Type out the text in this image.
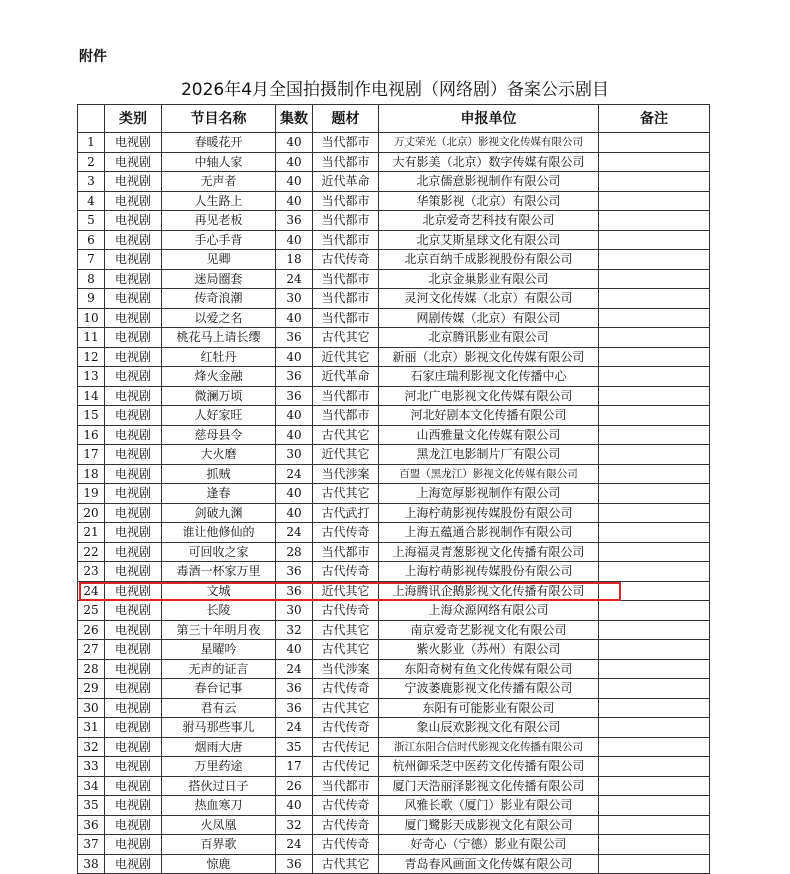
附件
2026年4月全国拍摄制作电视剧（网络剧）备案公示剧目
	类别	节目名称	集数	题材	申报单位	备注
1	电视剧	春暖花开	40	当代都市	万丈荣光（北京）影视文化传媒有限公司	
2	电视剧	中轴人家	40	当代都市	大有影美（北京）数字传媒有限公司	
3	电视剧	无声者	40	近代革命	北京儒意影视制作有限公司	
4	电视剧	人生路上	40	当代都市	华策影视（北京）有限公司	
5	电视剧	再见老板	36	当代都市	北京爱奇艺科技有限公司	
6	电视剧	手心手背	40	当代都市	北京艾斯星球文化有限公司	
7	电视剧	见卿	18	古代传奇	北京百纳千成影视股份有限公司	
8	电视剧	迷局圈套	24	当代都市	北京金巢影业有限公司	
9	电视剧	传奇浪潮	30	当代都市	灵河文化传媒（北京）有限公司	
10	电视剧	以爱之名	40	当代都市	网剧传媒（北京）有限公司	
11	电视剧	桃花马上请长缨	36	古代其它	北京腾讯影业有限公司	
12	电视剧	红牡丹	40	近代其它	新丽（北京）影视文化传媒有限公司	
13	电视剧	烽火金融	36	近代革命	石家庄瑞利影视文化传播中心	
14	电视剧	微澜万顷	36	当代都市	河北广电影视文化传媒有限公司	
15	电视剧	人好家旺	40	当代都市	河北好剧本文化传播有限公司	
16	电视剧	慈母县令	40	古代其它	山西雅量文化传媒有限公司	
17	电视剧	大火磨	30	近代其它	黑龙江电影制片厂有限公司	
18	电视剧	抓贼	24	当代涉案	百盟（黑龙江）影视文化传媒有限公司	
19	电视剧	逢春	40	古代其它	上海宽厚影视制作有限公司	
20	电视剧	剑破九渊	40	古代武打	上海柠萌影视传媒股份有限公司	
21	电视剧	谁让他修仙的	24	古代传奇	上海五蕴通合影视制作有限公司	
22	电视剧	可回收之家	28	当代都市	上海福灵青葱影视文化传播有限公司	
23	电视剧	毒酒一杯家万里	36	古代传奇	上海柠萌影视传媒股份有限公司	
24	电视剧	文城	36	近代其它	上海腾讯企鹅影视文化传播有限公司	
25	电视剧	长陵	30	古代传奇	上海众源网络有限公司	
26	电视剧	第三十年明月夜	32	古代其它	南京爱奇艺影视文化有限公司	
27	电视剧	星曜吟	40	古代其它	紫火影业（苏州）有限公司	
28	电视剧	无声的证言	24	当代涉案	东阳奇树有鱼文化传媒有限公司	
29	电视剧	春台记事	36	古代传奇	宁波萎鹿影视文化传播有限公司	
30	电视剧	君有云	36	古代其它	东阳有可能影业有限公司	
31	电视剧	驸马那些事儿	24	古代传奇	象山辰欢影视文化有限公司	
32	电视剧	烟雨大唐	35	古代传记	浙江东阳合信时代影视文化传播有限公司	
33	电视剧	万里药途	17	古代传记	杭州御采芝中医药文化传播有限公司	
34	电视剧	搭伙过日子	26	当代都市	厦门天浩丽泽影视文化传播有限公司	
35	电视剧	热血寒刀	40	古代传奇	风雅长歌（厦门）影业有限公司	
36	电视剧	火凤凰	32	古代传奇	厦门鹭影天成影视文化有限公司	
37	电视剧	百界歌	24	古代传奇	好奇心（宁德）影业有限公司	
38	电视剧	惊鹿	36	古代其它	青岛春风画面文化传媒有限公司	
